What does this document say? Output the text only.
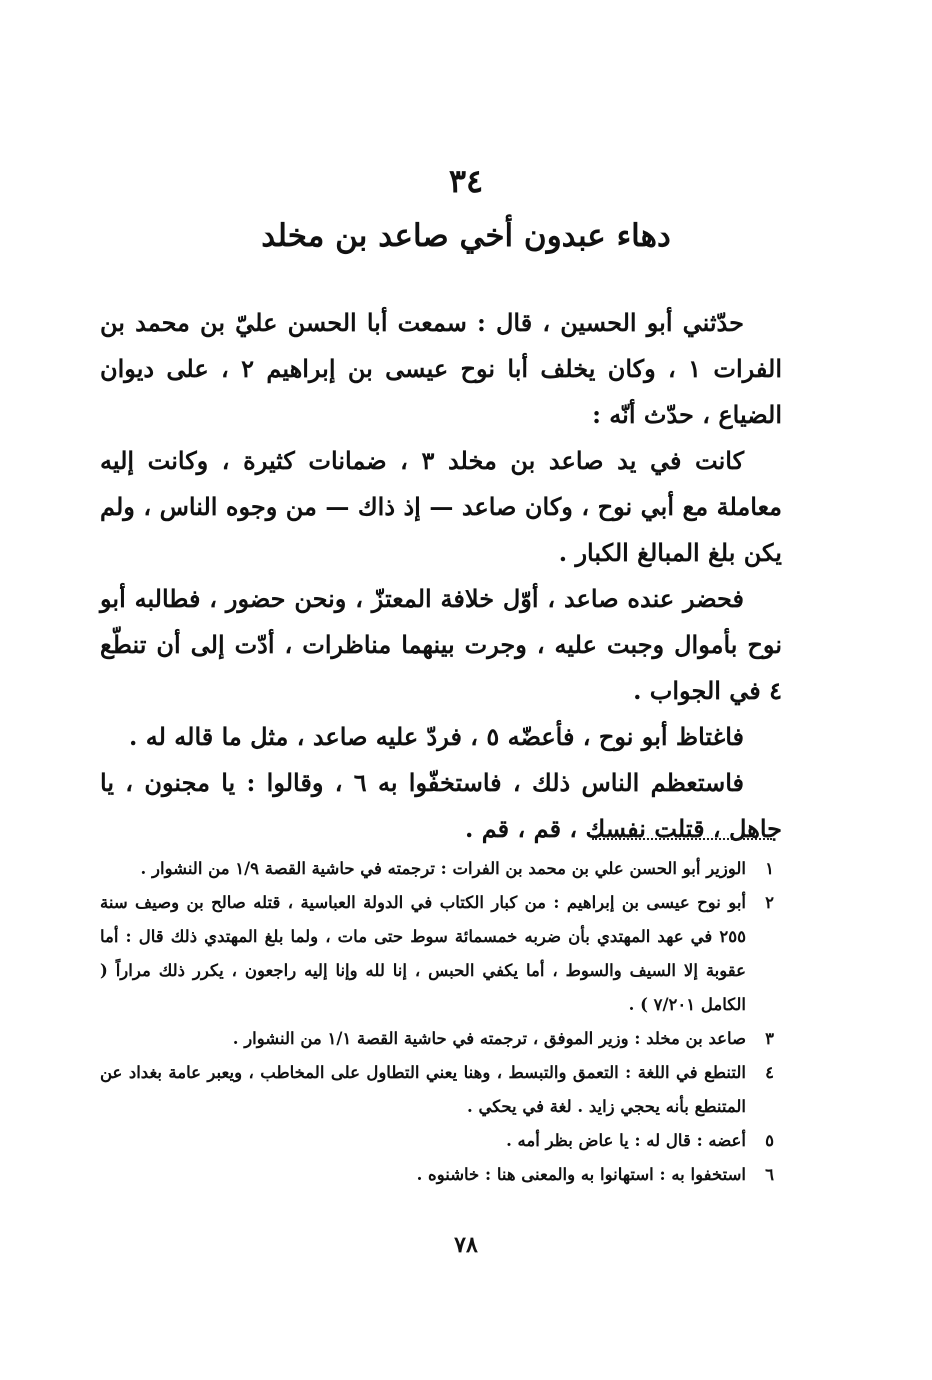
٣٤
دهاء عبدون أخي صاعد بن مخلد

حدّثني أبو الحسين ، قال : سمعت أبا الحسن عليّ بن محمد بن الفرات ١ ، وكان يخلف أبا نوح عيسى بن إبراهيم ٢ ، على ديوان الضياع ، حدّث أنّه :

كانت في يد صاعد بن مخلد ٣ ، ضمانات كثيرة ، وكانت إليه معاملة مع أبي نوح ، وكان صاعد — إذ ذاك — من وجوه الناس ، ولم يكن بلغ المبالغ الكبار .

فحضر عنده صاعد ، أوّل خلافة المعتزّ ، ونحن حضور ، فطالبه أبو نوح بأموال وجبت عليه ، وجرت بينهما مناظرات ، أدّت إلى أن تنطّع ٤ في الجواب .

فاغتاظ أبو نوح ، فأعضّه ٥ ، فردّ عليه صاعد ، مثل ما قاله له .

فاستعظم الناس ذلك ، فاستخفّوا به ٦ ، وقالوا : يا مجنون ، يا جاهل ، قتلت نفسك ، قم ، قم .

١
الوزير أبو الحسن علي بن محمد بن الفرات : ترجمته في حاشية القصة ١/٩ من النشوار .
٢
أبو نوح عيسى بن إبراهيم : من كبار الكتاب في الدولة العباسية ، قتله صالح بن وصيف سنة ٢٥٥ في عهد المهتدي بأن ضربه خمسمائة سوط حتى مات ، ولما بلغ المهتدي ذلك قال : أما عقوبة إلا السيف والسوط ، أما يكفي الحبس ، إنا لله وإنا إليه راجعون ، يكرر ذلك مراراً ( الكامل ٧/٢٠١ ) .
٣
صاعد بن مخلد : وزير الموفق ، ترجمته في حاشية القصة ١/١ من النشوار .
٤
التنطع في اللغة : التعمق والتبسط ، وهنا يعني التطاول على المخاطب ، ويعبر عامة بغداد عن المتنطع بأنه يحجي زايد . لغة في يحكي .
٥
أعضه : قال له : يا عاض بظر أمه .
٦
استخفوا به : استهانوا به والمعنى هنا : خاشنوه .
٧٨
